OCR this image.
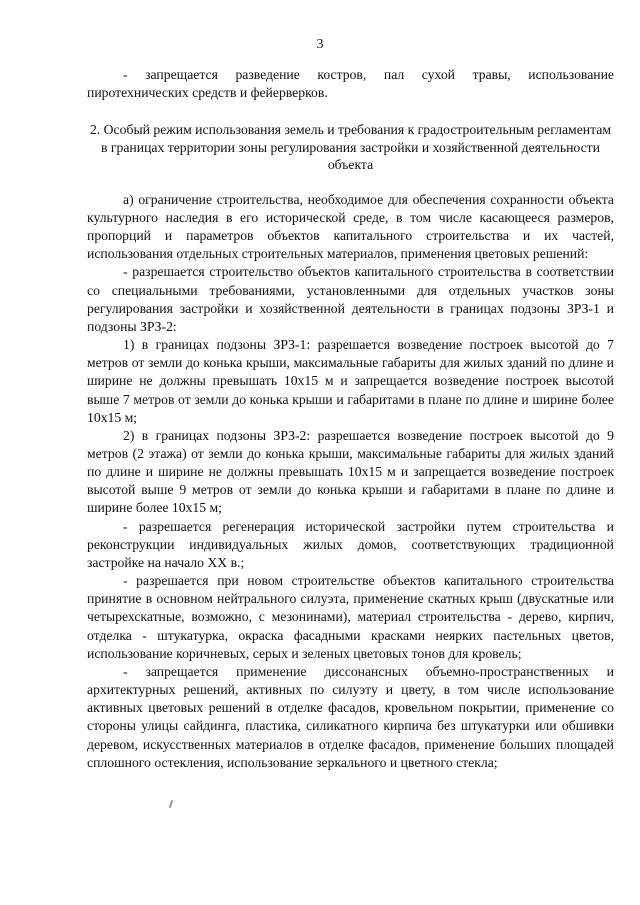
3

- запрещается разведение костров, пал сухой травы, использование пиротехнических средств и фейерверков.

2. Особый режим использования земель и требования к градостроительным регламентам в границах территории зоны регулирования застройки и хозяйственной деятельности объекта

а) ограничение строительства, необходимое для обеспечения сохранности объекта культурного наследия в его исторической среде, в том числе касающееся размеров, пропорций и параметров объектов капитального строительства и их частей, использования отдельных строительных материалов, применения цветовых решений:

- разрешается строительство объектов капитального строительства в соответствии со специальными требованиями, установленными для отдельных участков зоны регулирования застройки и хозяйственной деятельности в границах подзоны ЗРЗ-1 и подзоны ЗРЗ-2:

1) в границах подзоны ЗРЗ-1: разрешается возведение построек высотой до 7 метров от земли до конька крыши, максимальные габариты для жилых зданий по длине и ширине не должны превышать 10х15 м и запрещается возведение построек высотой выше 7 метров от земли до конька крыши и габаритами в плане по длине и ширине более 10х15 м;

2) в границах подзоны ЗРЗ-2: разрешается возведение построек высотой до 9 метров (2 этажа) от земли до конька крыши, максимальные габариты для жилых зданий по длине и ширине не должны превышать 10х15 м и запрещается возведение построек высотой выше 9 метров от земли до конька крыши и габаритами в плане по длине и ширине более 10х15 м;

- разрешается регенерация исторической застройки путем строительства и реконструкции индивидуальных жилых домов, соответствующих традиционной застройке на начало XX в.;

- разрешается при новом строительстве объектов капитального строительства принятие в основном нейтрального силуэта, применение скатных крыш (двускатные или четырехскатные, возможно, с мезонинами), материал строительства - дерево, кирпич, отделка - штукатурка, окраска фасадными красками неярких пастельных цветов, использование коричневых, серых и зеленых цветовых тонов для кровель;

- запрещается применение диссонансных объемно-пространственных и архитектурных решений, активных по силуэту и цвету, в том числе использование активных цветовых решений в отделке фасадов, кровельном покрытии, применение со стороны улицы сайдинга, пластика, силикатного кирпича без штукатурки или обшивки деревом, искусственных материалов в отделке фасадов, применение больших площадей сплошного остекления, использование зеркального и цветного стекла;
